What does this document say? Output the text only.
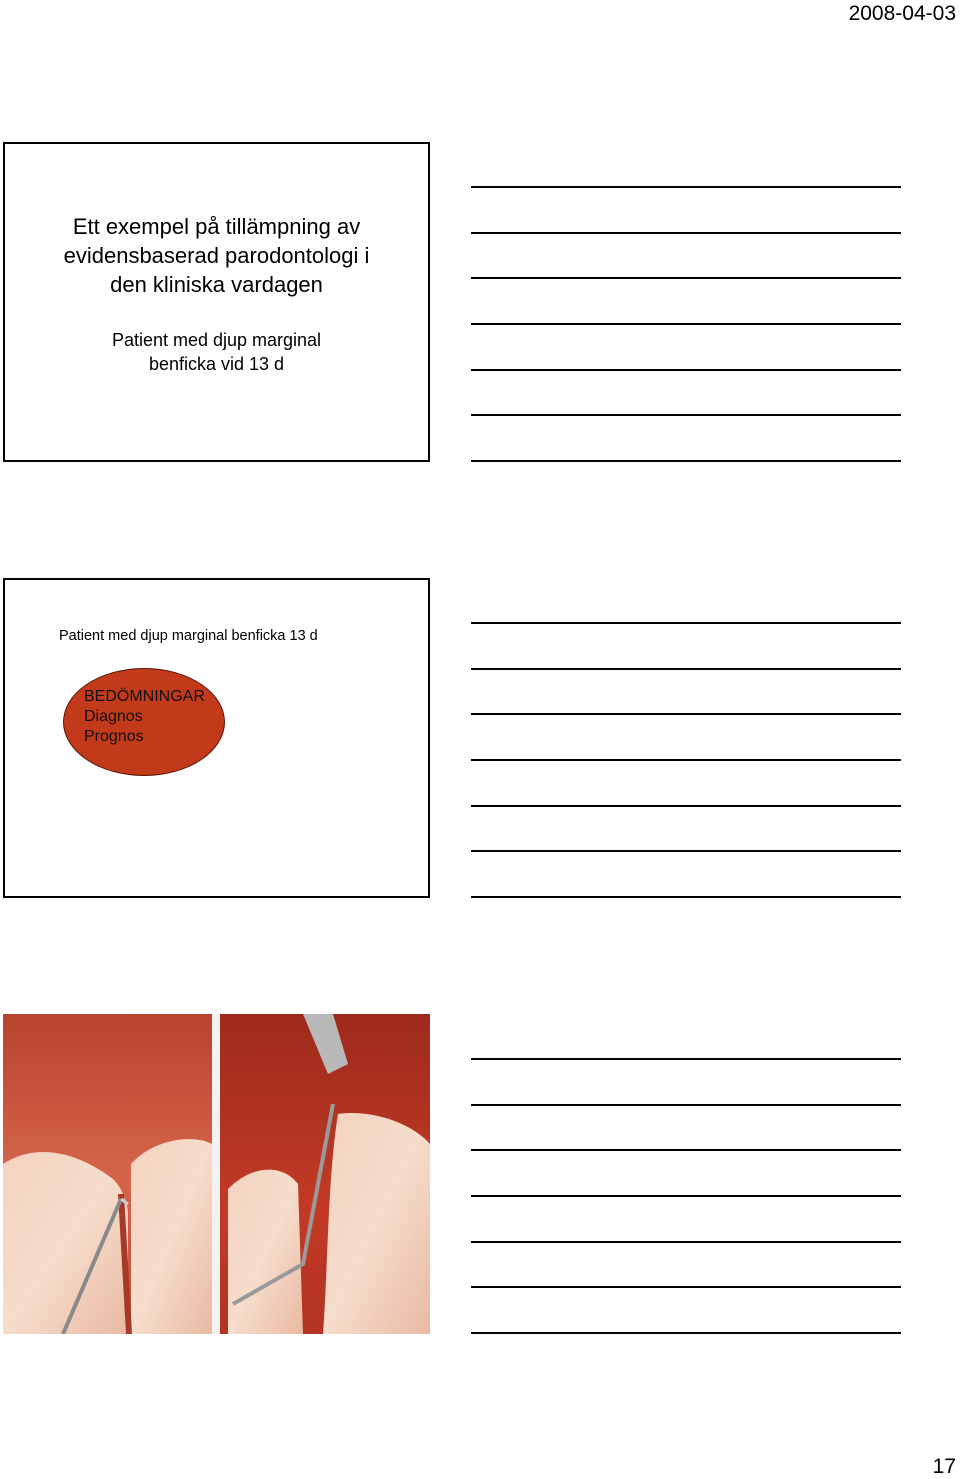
2008-04-03
Ett exempel på tillämpning av
evidensbaserad parodontologi i
den kliniska vardagen
Patient med djup marginal
benficka vid 13 d
Patient med djup marginal benficka 13 d
BEDÖMNINGAR
Diagnos
Prognos
17
